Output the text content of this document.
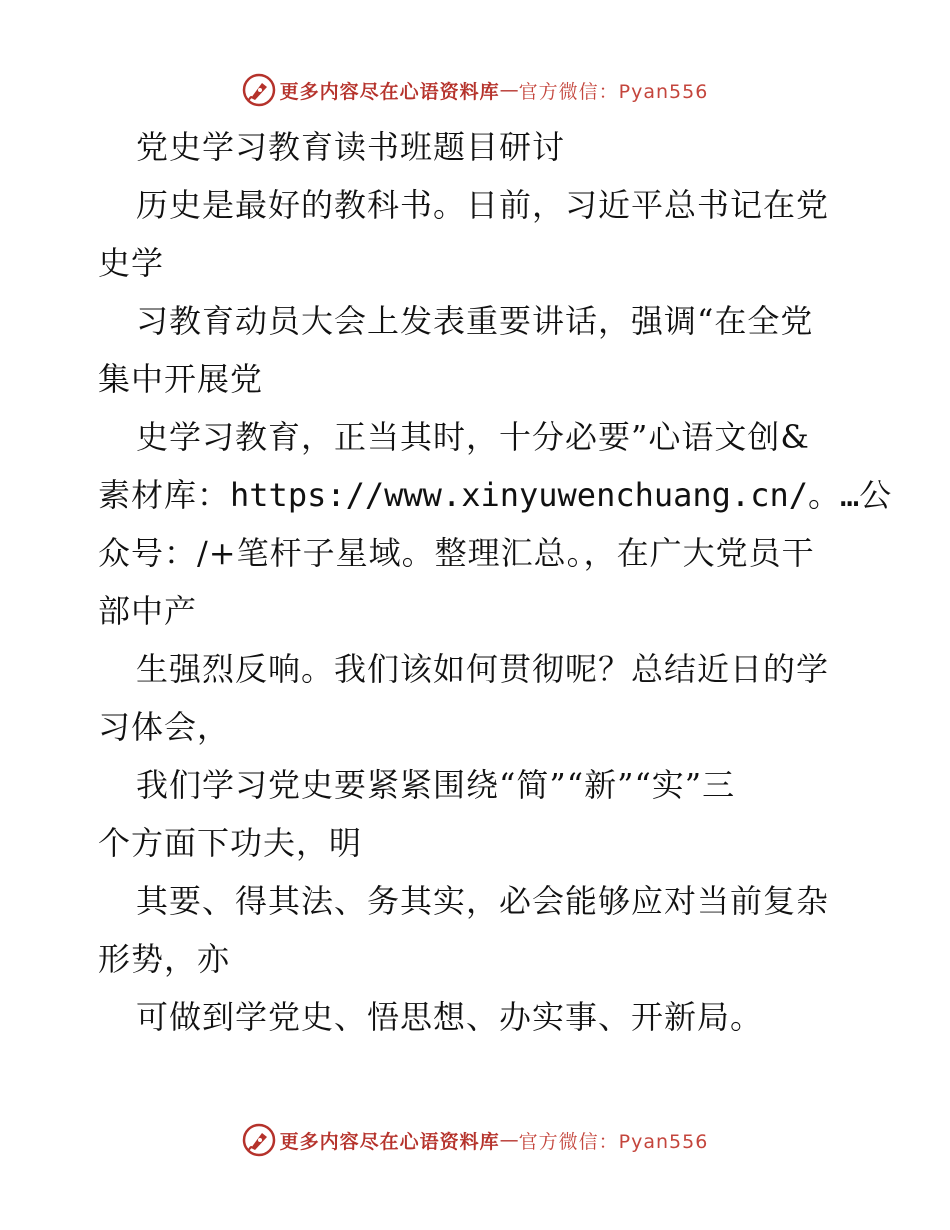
更多内容尽在心语资料库 — 官方微信：Pyan556
党史学习教育读书班题目研讨
历史是最好的教科书。日前，习近平总书记在党
史学
习教育动员大会上发表重要讲话，强调“在全党
集中开展党
史学习教育，正当其时，十分必要”心语文创&
素材库：https://www.xinyuwenchuang.cn/。…公
众号：/+笔杆子星域。整理汇总。，在广大党员干
部中产
生强烈反响。我们该如何贯彻呢？总结近日的学
习体会，
我们学习党史要紧紧围绕“简”“新”“实”三
个方面下功夫，明
其要、得其法、务其实，必会能够应对当前复杂
形势，亦
可做到学党史、悟思想、办实事、开新局。
更多内容尽在心语资料库 — 官方微信：Pyan556
